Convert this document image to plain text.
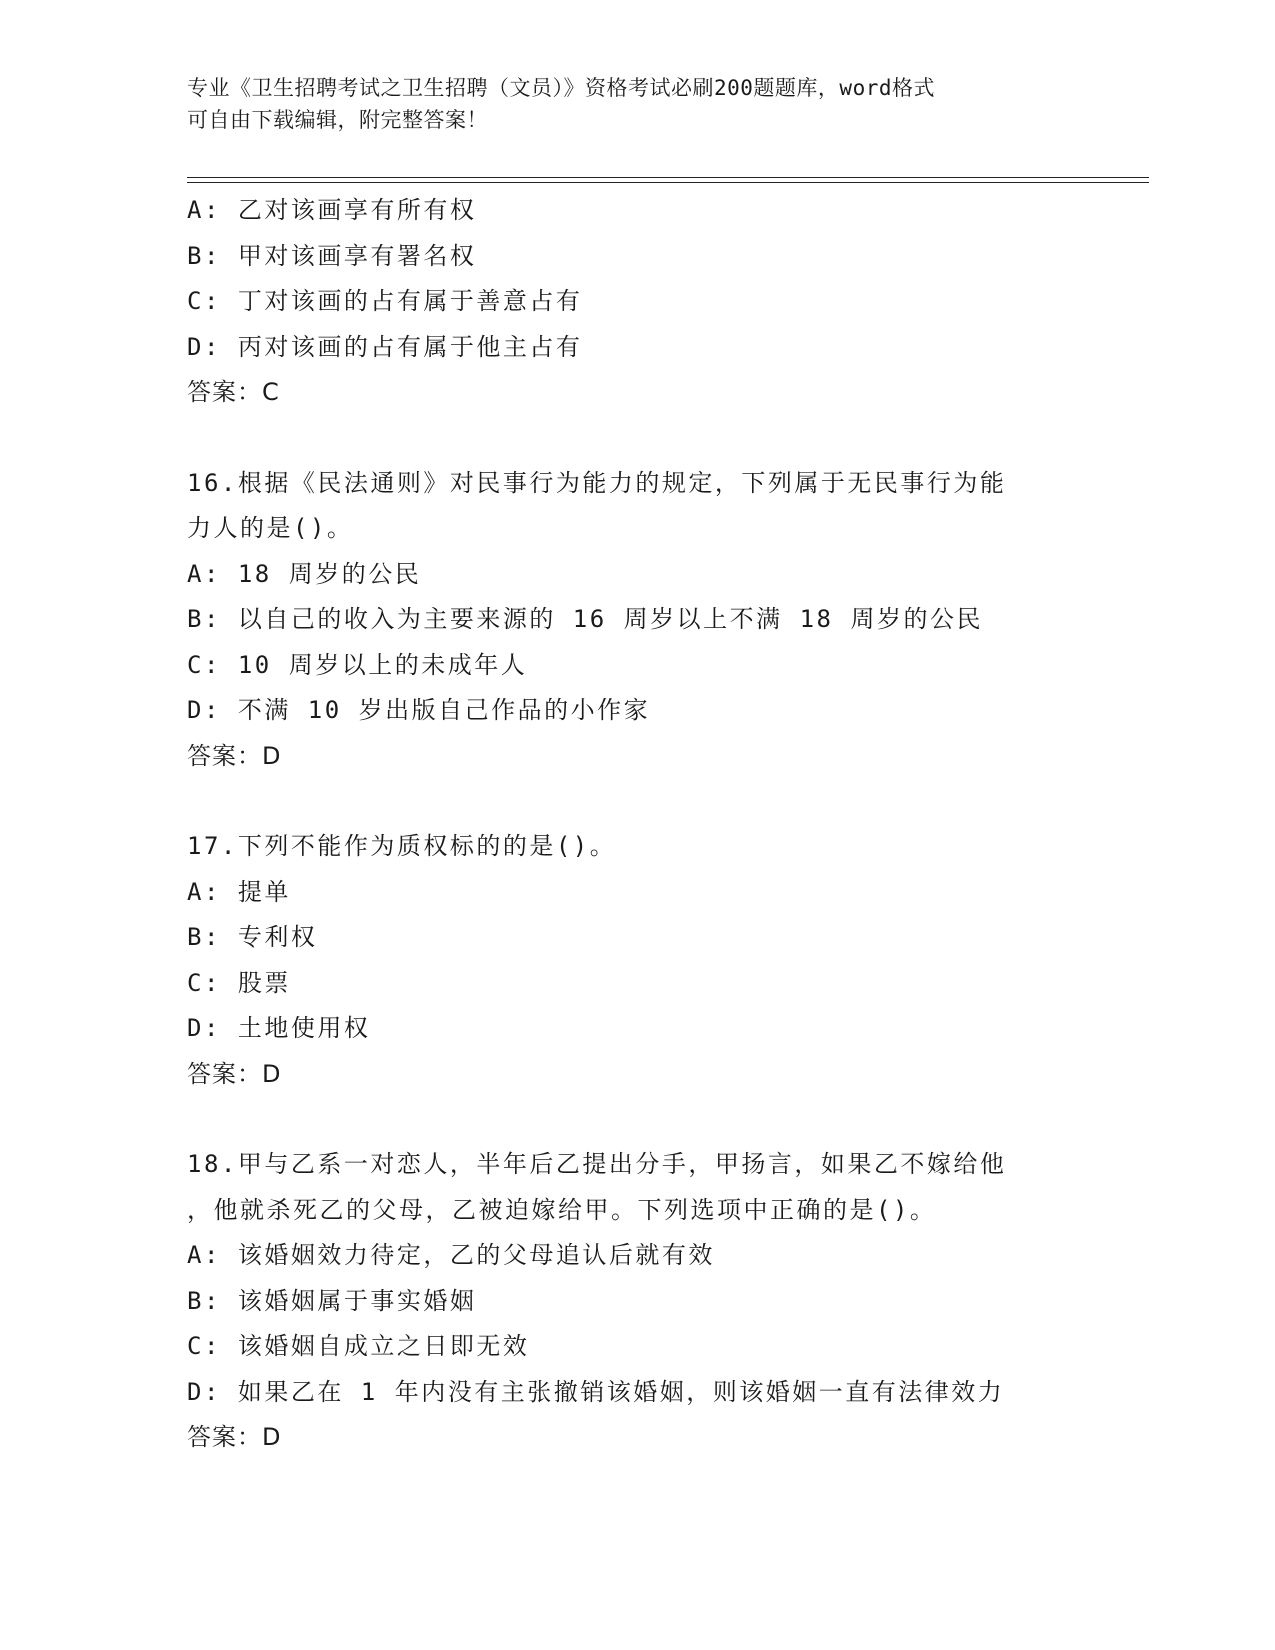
专业《卫生招聘考试之卫生招聘（文员）》资格考试必刷200题题库，word格式
可自由下载编辑，附完整答案！
A: 乙对该画享有所有权
B: 甲对该画享有署名权
C: 丁对该画的占有属于善意占有
D: 丙对该画的占有属于他主占有
答案：C
16.根据《民法通则》对民事行为能力的规定，下列属于无民事行为能
力人的是()。
A: 18 周岁的公民
B: 以自己的收入为主要来源的 16 周岁以上不满 18 周岁的公民
C: 10 周岁以上的未成年人
D: 不满 10 岁出版自己作品的小作家
答案：D
17.下列不能作为质权标的的是()。
A: 提单
B: 专利权
C: 股票
D: 土地使用权
答案：D
18.甲与乙系一对恋人，半年后乙提出分手，甲扬言，如果乙不嫁给他
，他就杀死乙的父母，乙被迫嫁给甲。下列选项中正确的是()。
A: 该婚姻效力待定，乙的父母追认后就有效
B: 该婚姻属于事实婚姻
C: 该婚姻自成立之日即无效
D: 如果乙在 1 年内没有主张撤销该婚姻，则该婚姻一直有法律效力
答案：D
